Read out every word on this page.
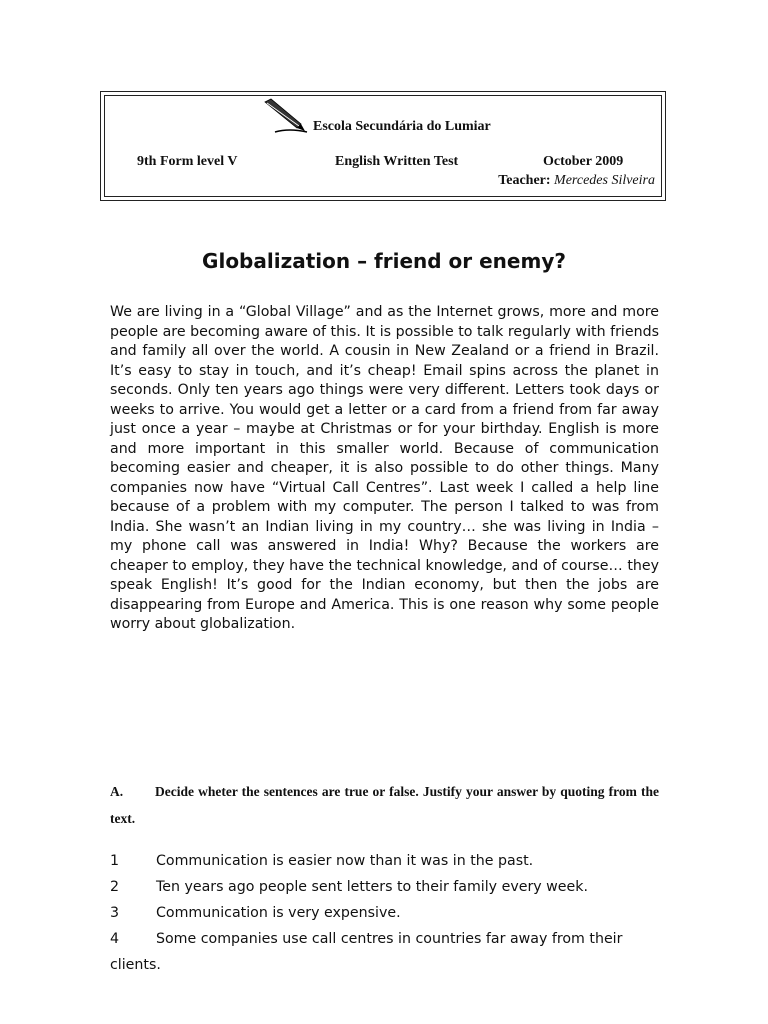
Escola Secundária do Lumiar
9th Form level V	English Written Test	October 2009
Teacher: Mercedes Silveira
Globalization – friend or enemy?
We are living in a “Global Village” and as the Internet grows, more and more people are becoming aware of this. It is possible to talk regularly with friends and family all over the world. A cousin in New Zealand or a friend in Brazil. It’s easy to stay in touch, and it’s cheap! Email spins across the planet in seconds. Only ten years ago things were very different. Letters took days or weeks to arrive. You would get a letter or a card from a friend from far away just once a year – maybe at Christmas or for your birthday. English is more and more important in this smaller world. Because of communication becoming easier and cheaper, it is also possible to do other things. Many companies now have “Virtual Call Centres”. Last week I called a help line because of a problem with my computer. The person I talked to was from India. She wasn’t an Indian living in my country… she was living in India – my phone call was answered in India! Why? Because the workers are cheaper to employ, they have the technical knowledge, and of course… they speak English! It’s good for the Indian economy, but then the jobs are disappearing from Europe and America. This is one reason why some people worry about globalization.
A. Decide wheter the sentences are true or false. Justify your answer by quoting from the text.
1	Communication is easier now than it was in the past.
2	Ten years ago people sent letters to their family every week.
3	Communication is very expensive.
4	Some companies use call centres in countries far away from their clients.
